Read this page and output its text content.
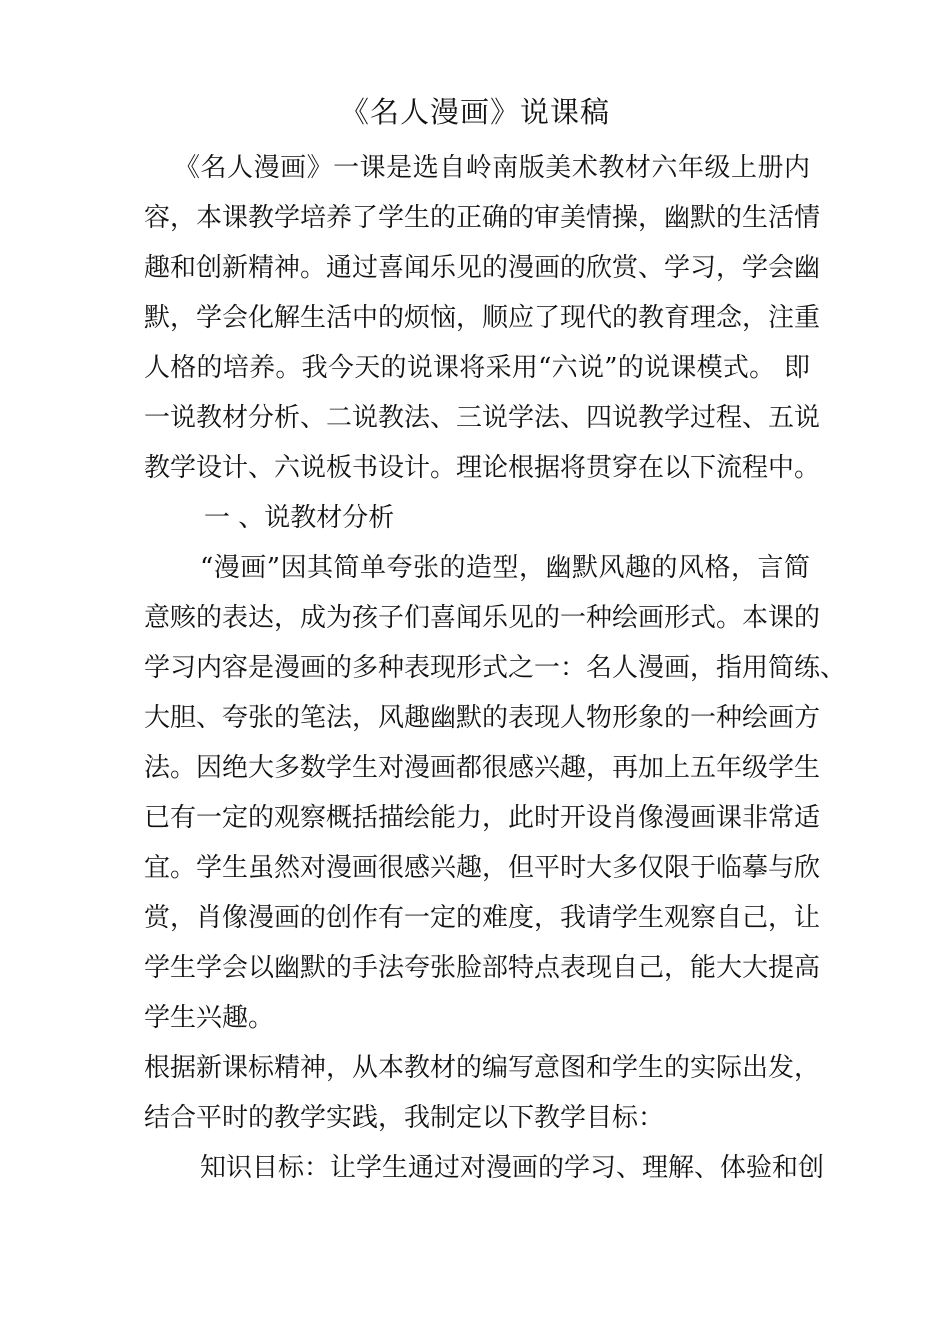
《名人漫画》说课稿
《名人漫画》一课是选自岭南版美术教材六年级上册内
容，本课教学培养了学生的正确的审美情操，幽默的生活情
趣和创新精神。通过喜闻乐见的漫画的欣赏、学习，学会幽
默，学会化解生活中的烦恼，顺应了现代的教育理念，注重
人格的培养。我今天的说课将采用“六说”的说课模式。 即
一说教材分析、二说教法、三说学法、四说教学过程、五说
教学设计、六说板书设计。理论根据将贯穿在以下流程中。
一 、说教材分析
“漫画”因其简单夸张的造型，幽默风趣的风格，言简
意赅的表达，成为孩子们喜闻乐见的一种绘画形式。本课的
学习内容是漫画的多种表现形式之一：名人漫画，指用简练、
大胆、夸张的笔法，风趣幽默的表现人物形象的一种绘画方
法。因绝大多数学生对漫画都很感兴趣，再加上五年级学生
已有一定的观察概括描绘能力，此时开设肖像漫画课非常适
宜。学生虽然对漫画很感兴趣，但平时大多仅限于临摹与欣
赏，肖像漫画的创作有一定的难度，我请学生观察自己，让
学生学会以幽默的手法夸张脸部特点表现自己，能大大提高
学生兴趣。
根据新课标精神，从本教材的编写意图和学生的实际出发，
结合平时的教学实践，我制定以下教学目标：
知识目标：让学生通过对漫画的学习、理解、体验和创
